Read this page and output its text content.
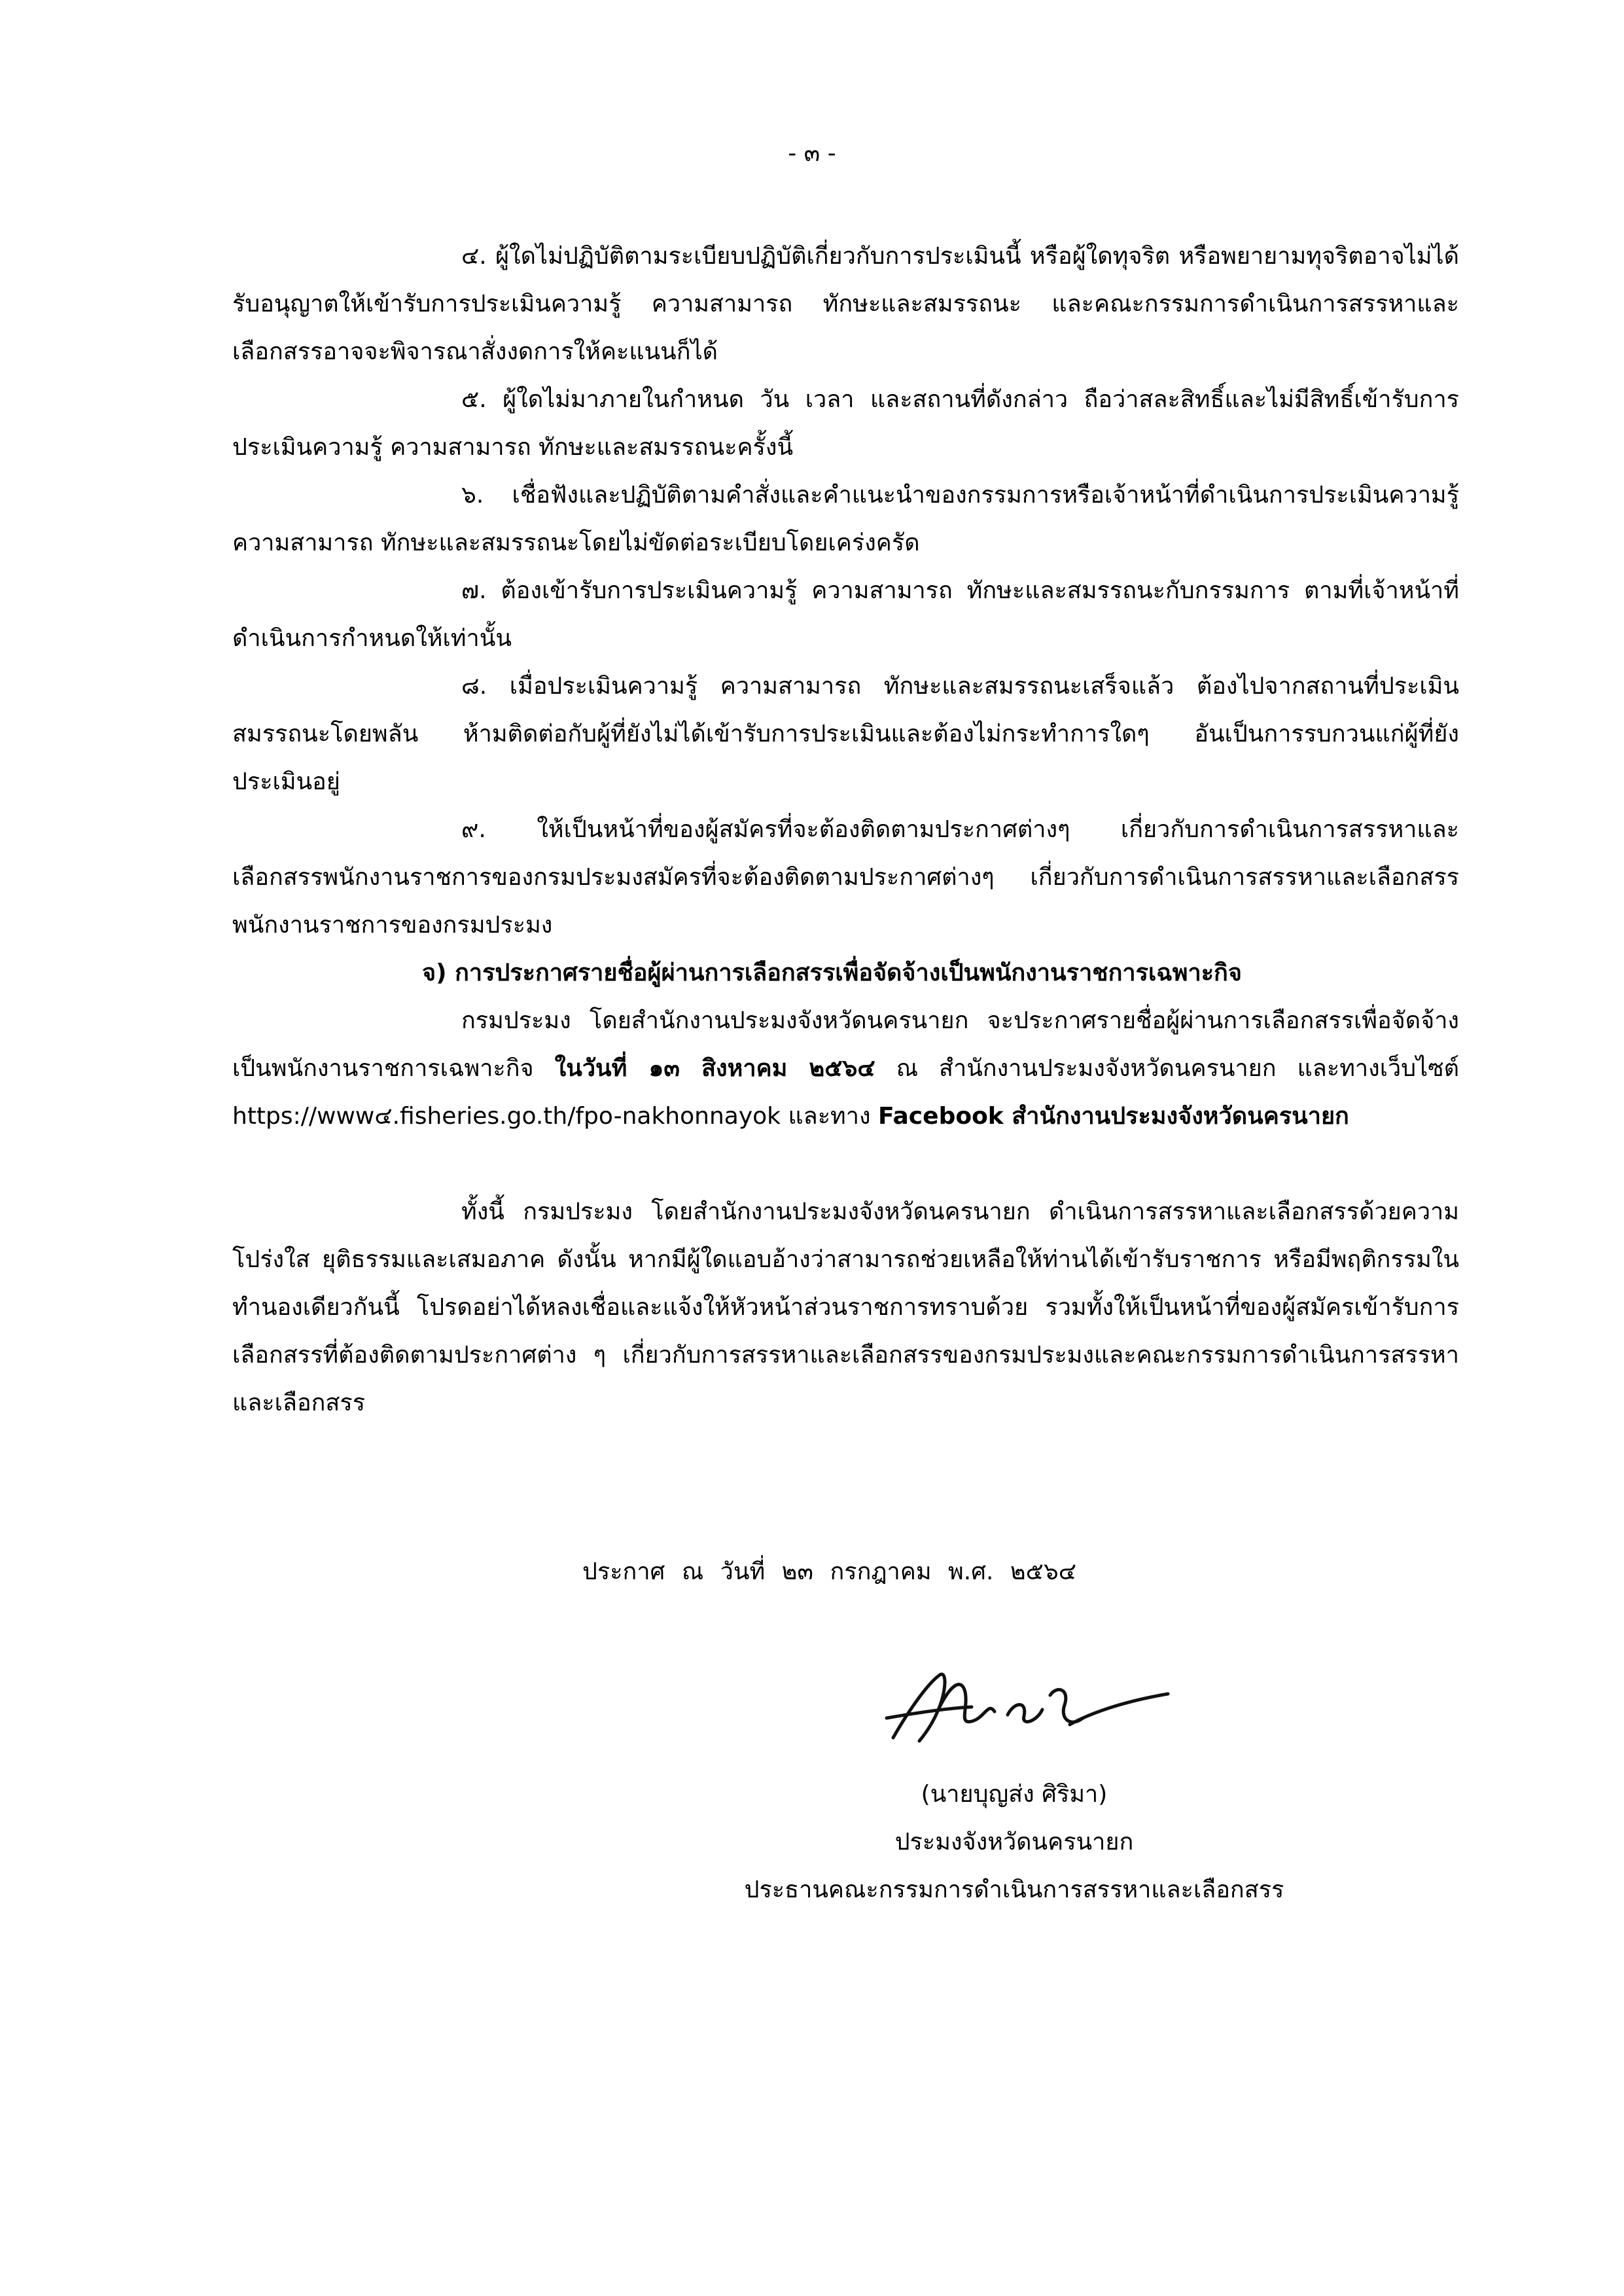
- ๓ -

๔. ผู้ใดไม่ปฏิบัติตามระเบียบปฏิบัติเกี่ยวกับการประเมินนี้ หรือผู้ใดทุจริต หรือพยายามทุจริตอาจไม่ได้รับอนุญาตให้เข้ารับการประเมินความรู้ ความสามารถ ทักษะและสมรรถนะ และคณะกรรมการดำเนินการสรรหาและเลือกสรรอาจจะพิจารณาสั่งงดการให้คะแนนก็ได้

๕. ผู้ใดไม่มาภายในกำหนด วัน เวลา และสถานที่ดังกล่าว ถือว่าสละสิทธิ์และไม่มีสิทธิ์เข้ารับการประเมินความรู้ ความสามารถ ทักษะและสมรรถนะครั้งนี้

๖. เชื่อฟังและปฏิบัติตามคำสั่งและคำแนะนำของกรรมการหรือเจ้าหน้าที่ดำเนินการประเมินความรู้ ความสามารถ ทักษะและสมรรถนะโดยไม่ขัดต่อระเบียบโดยเคร่งครัด

๗. ต้องเข้ารับการประเมินความรู้ ความสามารถ ทักษะและสมรรถนะกับกรรมการ ตามที่เจ้าหน้าที่ดำเนินการกำหนดให้เท่านั้น

๘. เมื่อประเมินความรู้ ความสามารถ ทักษะและสมรรถนะเสร็จแล้ว ต้องไปจากสถานที่ประเมินสมรรถนะโดยพลัน ห้ามติดต่อกับผู้ที่ยังไม่ได้เข้ารับการประเมินและต้องไม่กระทำการใดๆ อันเป็นการรบกวนแก่ผู้ที่ยังประเมินอยู่

๙. ให้เป็นหน้าที่ของผู้สมัครที่จะต้องติดตามประกาศต่างๆ เกี่ยวกับการดำเนินการสรรหาและเลือกสรรพนักงานราชการของกรมประมงสมัครที่จะต้องติดตามประกาศต่างๆ เกี่ยวกับการดำเนินการสรรหาและเลือกสรรพนักงานราชการของกรมประมง

จ) การประกาศรายชื่อผู้ผ่านการเลือกสรรเพื่อจัดจ้างเป็นพนักงานราชการเฉพาะกิจ

กรมประมง โดยสำนักงานประมงจังหวัดนครนายก จะประกาศรายชื่อผู้ผ่านการเลือกสรรเพื่อจัดจ้างเป็นพนักงานราชการเฉพาะกิจ ในวันที่ ๑๓ สิงหาคม ๒๕๖๔ ณ สำนักงานประมงจังหวัดนครนายก และทางเว็บไซต์ https://www๔.fisheries.go.th/fpo-nakhonnayok และทาง Facebook สำนักงานประมงจังหวัดนครนายก

ทั้งนี้ กรมประมง โดยสำนักงานประมงจังหวัดนครนายก ดำเนินการสรรหาและเลือกสรรด้วยความโปร่งใส ยุติธรรมและเสมอภาค ดังนั้น หากมีผู้ใดแอบอ้างว่าสามารถช่วยเหลือให้ท่านได้เข้ารับราชการ หรือมีพฤติกรรมในทำนองเดียวกันนี้ โปรดอย่าได้หลงเชื่อและแจ้งให้หัวหน้าส่วนราชการทราบด้วย รวมทั้งให้เป็นหน้าที่ของผู้สมัครเข้ารับการเลือกสรรที่ต้องติดตามประกาศต่าง ๆ เกี่ยวกับการสรรหาและเลือกสรรของกรมประมงและคณะกรรมการดำเนินการสรรหาและเลือกสรร

ประกาศ ณ วันที่ ๒๓ กรกฎาคม พ.ศ. ๒๕๖๔
(นายบุญส่ง ศิริมา)
ประมงจังหวัดนครนายก
ประธานคณะกรรมการดำเนินการสรรหาและเลือกสรร
